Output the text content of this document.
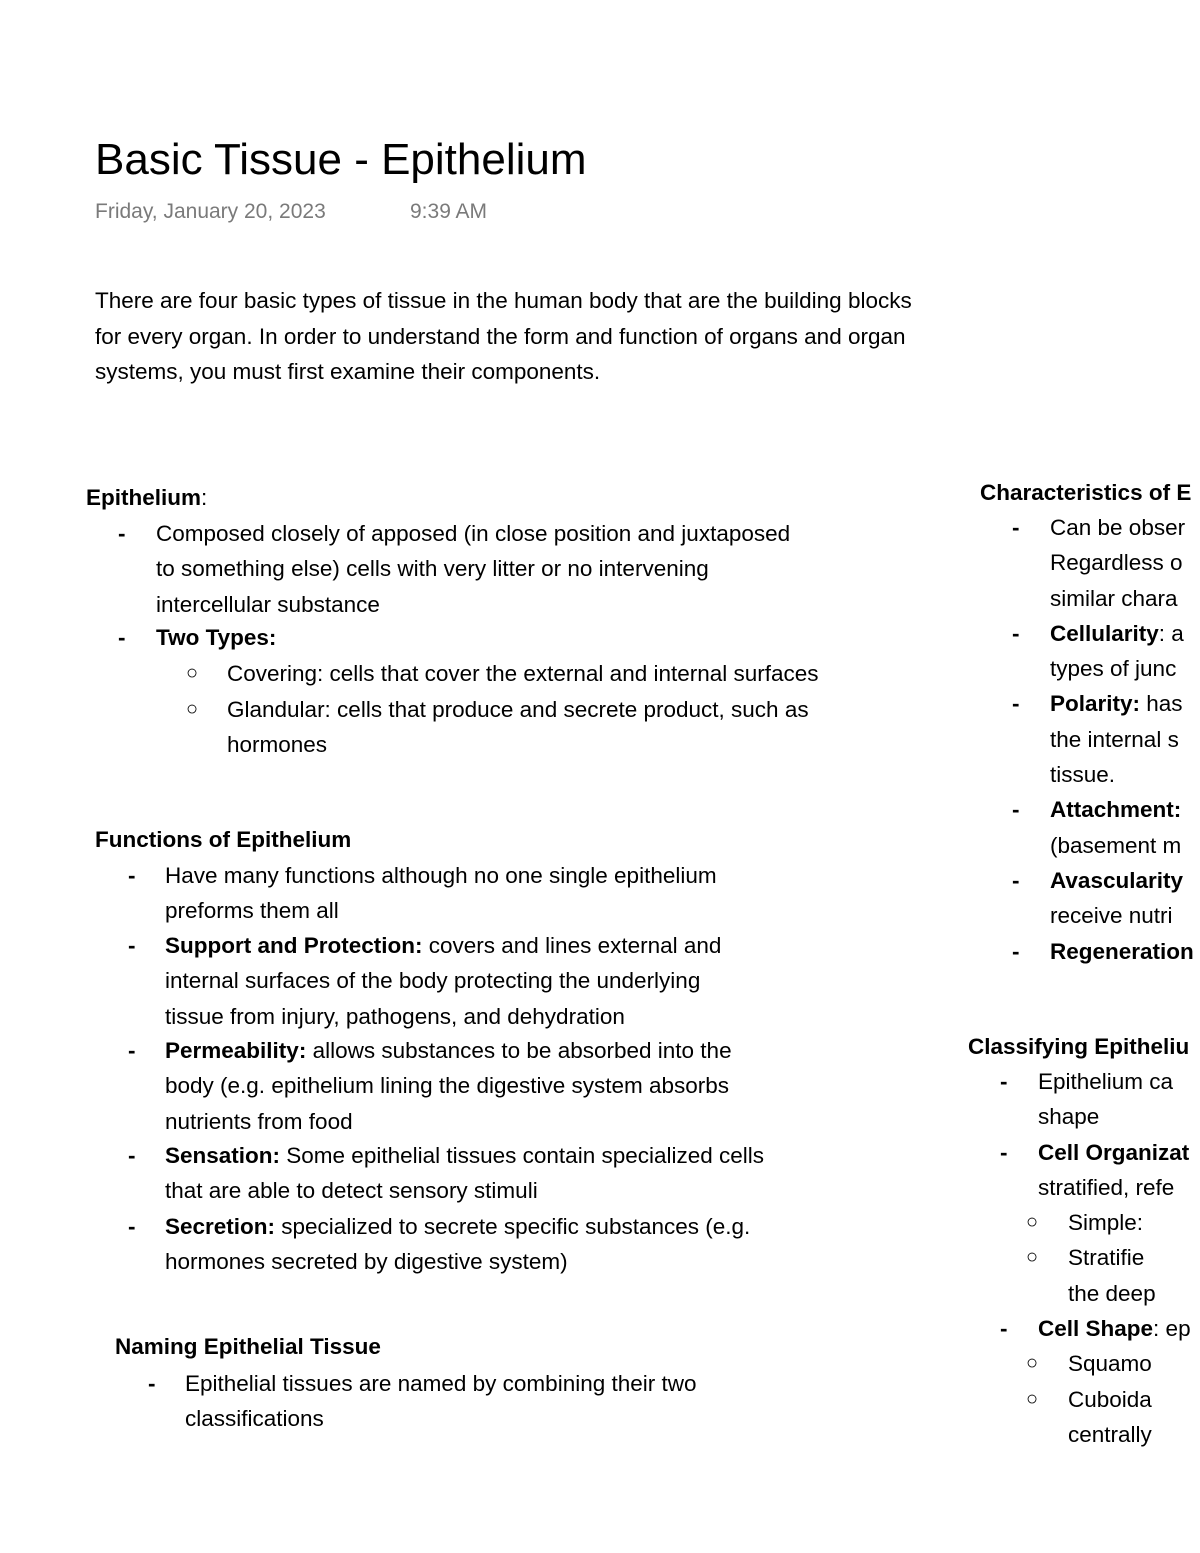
Basic Tissue - Epithelium
Friday, January 20, 2023	9:39 AM
There are four basic types of tissue in the human body that are the building blocks for every organ. In order to understand the form and function of organs and organ systems, you must first examine their components.
Epithelium:
- Composed closely of apposed (in close position and juxtaposed
to something else) cells with very litter or no intervening
intercellular substance
- Two Types:
○ Covering: cells that cover the external and internal surfaces
○ Glandular: cells that produce and secrete product, such as
hormones
Functions of Epithelium
- Have many functions although no one single epithelium
preforms them all
- Support and Protection: covers and lines external and
internal surfaces of the body protecting the underlying
tissue from injury, pathogens, and dehydration
- Permeability: allows substances to be absorbed into the
body (e.g. epithelium lining the digestive system absorbs
nutrients from food
- Sensation: Some epithelial tissues contain specialized cells
that are able to detect sensory stimuli
- Secretion: specialized to secrete specific substances (e.g.
hormones secreted by digestive system)
Naming Epithelial Tissue
- Epithelial tissues are named by combining their two
classifications
Characteristics of E
- Can be obser
Regardless o
similar chara
- Cellularity: a
types of junc
- Polarity: has
the internal s
tissue.
- Attachment:
(basement m
- Avascularity
receive nutri
- Regeneration
Classifying Epitheliu
- Epithelium ca
shape
- Cell Organizat
stratified, refe
○ Simple:
○ Stratifie
the deep
- Cell Shape: ep
○ Squamo
○ Cuboida
centrally
